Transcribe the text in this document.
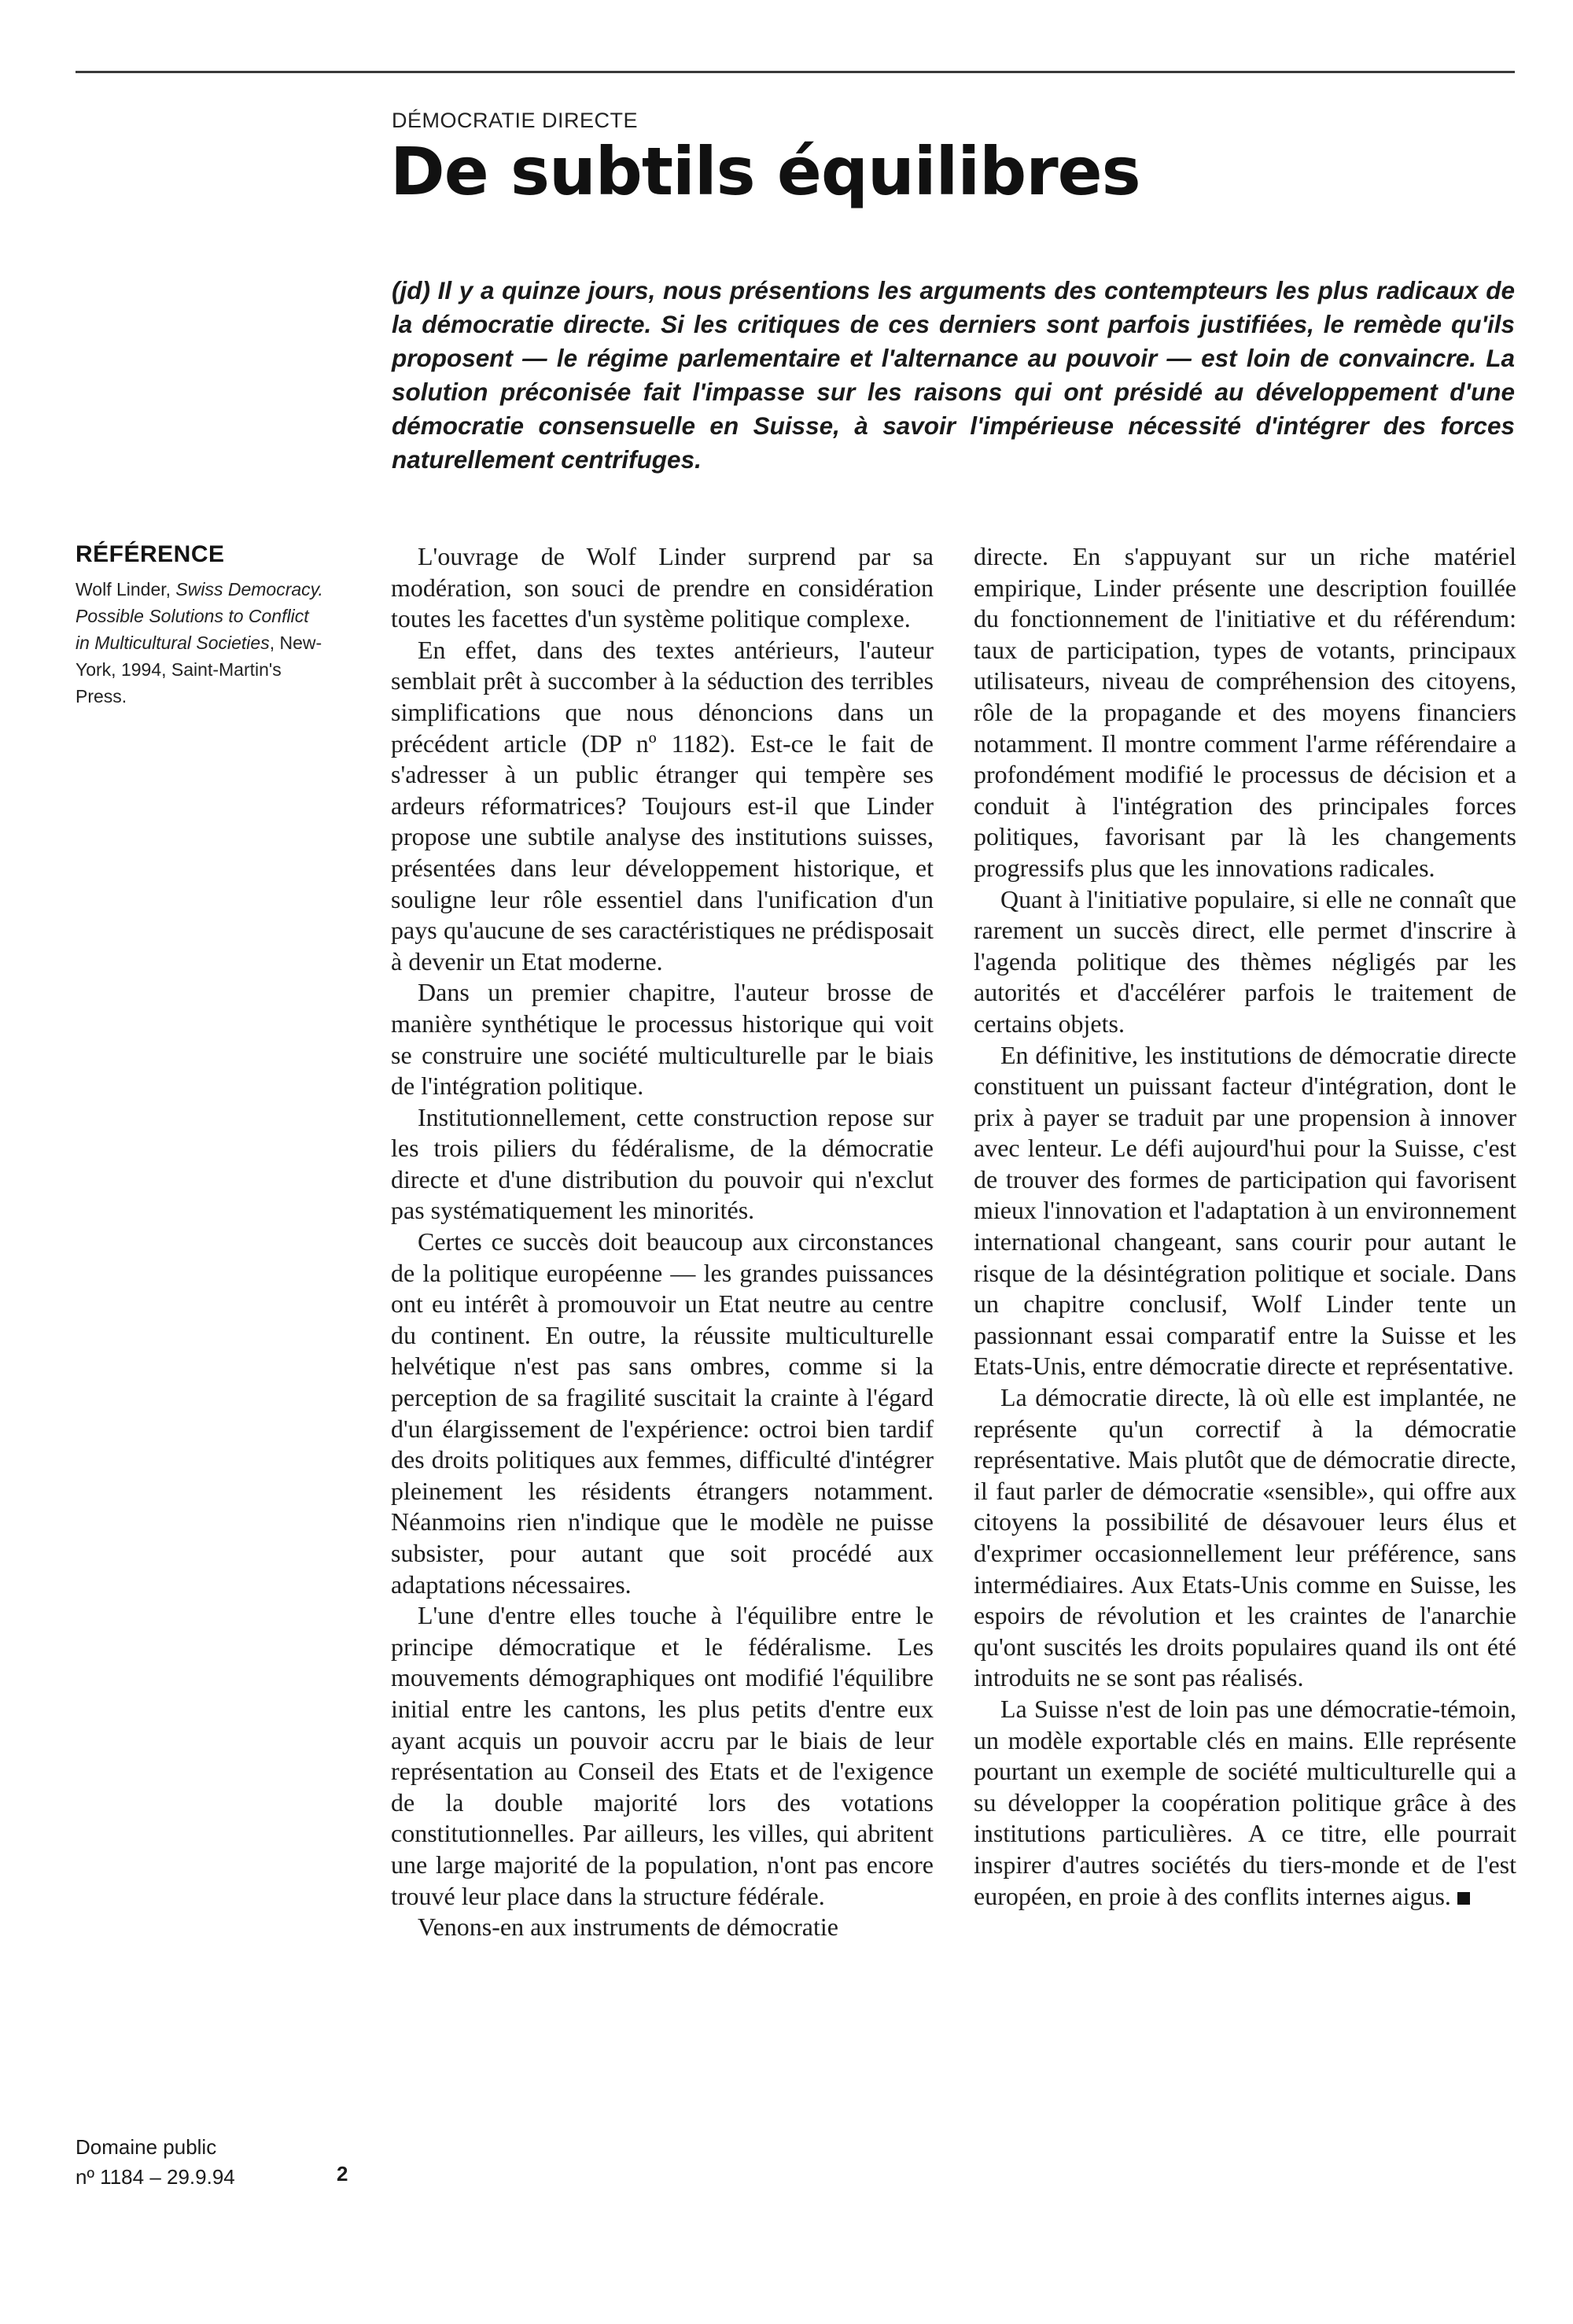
DÉMOCRATIE DIRECTE
De subtils équilibres
(jd) Il y a quinze jours, nous présentions les arguments des contempteurs les plus radicaux de la démocratie directe. Si les critiques de ces derniers sont parfois justifiées, le remède qu'ils proposent — le régime parlementaire et l'alternance au pouvoir — est loin de convaincre. La solution préconisée fait l'impasse sur les raisons qui ont présidé au développement d'une démocratie consensuelle en Suisse, à savoir l'impérieuse nécessité d'intégrer des forces naturellement centrifuges.
RÉFÉRENCE
Wolf Linder, Swiss Democracy. Possible Solutions to Conflict in Multicultural Societies, New-York, 1994, Saint-Martin's Press.

L'ouvrage de Wolf Linder surprend par sa modération, son souci de prendre en considération toutes les facettes d'un système politique complexe.

En effet, dans des textes antérieurs, l'auteur semblait prêt à succomber à la séduction des terribles simplifications que nous dénoncions dans un précédent article (DP nº 1182). Est-ce le fait de s'adresser à un public étranger qui tempère ses ardeurs réformatrices? Toujours est-il que Linder propose une subtile analyse des institutions suisses, présentées dans leur développement historique, et souligne leur rôle essentiel dans l'unification d'un pays qu'aucune de ses caractéristiques ne prédisposait à devenir un Etat moderne.

Dans un premier chapitre, l'auteur brosse de manière synthétique le processus historique qui voit se construire une société multiculturelle par le biais de l'intégration politique.

Institutionnellement, cette construction repose sur les trois piliers du fédéralisme, de la démocratie directe et d'une distribution du pouvoir qui n'exclut pas systématiquement les minorités.

Certes ce succès doit beaucoup aux circonstances de la politique européenne — les grandes puissances ont eu intérêt à promouvoir un Etat neutre au centre du continent. En outre, la réussite multiculturelle helvétique n'est pas sans ombres, comme si la perception de sa fragilité suscitait la crainte à l'égard d'un élargissement de l'expérience: octroi bien tardif des droits politiques aux femmes, difficulté d'intégrer pleinement les résidents étrangers notamment. Néanmoins rien n'indique que le modèle ne puisse subsister, pour autant que soit procédé aux adaptations nécessaires.

L'une d'entre elles touche à l'équilibre entre le principe démocratique et le fédéralisme. Les mouvements démographiques ont modifié l'équilibre initial entre les cantons, les plus petits d'entre eux ayant acquis un pouvoir accru par le biais de leur représentation au Conseil des Etats et de l'exigence de la double majorité lors des votations constitutionnelles. Par ailleurs, les villes, qui abritent une large majorité de la population, n'ont pas encore trouvé leur place dans la structure fédérale.

Venons-en aux instruments de démocratie

directe. En s'appuyant sur un riche matériel empirique, Linder présente une description fouillée du fonctionnement de l'initiative et du référendum: taux de participation, types de votants, principaux utilisateurs, niveau de compréhension des citoyens, rôle de la propagande et des moyens financiers notamment. Il montre comment l'arme référendaire a profondément modifié le processus de décision et a conduit à l'intégration des principales forces politiques, favorisant par là les changements progressifs plus que les innovations radicales.

Quant à l'initiative populaire, si elle ne connaît que rarement un succès direct, elle permet d'inscrire à l'agenda politique des thèmes négligés par les autorités et d'accélérer parfois le traitement de certains objets.

En définitive, les institutions de démocratie directe constituent un puissant facteur d'intégration, dont le prix à payer se traduit par une propension à innover avec lenteur. Le défi aujourd'hui pour la Suisse, c'est de trouver des formes de participation qui favorisent mieux l'innovation et l'adaptation à un environnement international changeant, sans courir pour autant le risque de la désintégration politique et sociale. Dans un chapitre conclusif, Wolf Linder tente un passionnant essai comparatif entre la Suisse et les Etats-Unis, entre démocratie directe et représentative.

La démocratie directe, là où elle est implantée, ne représente qu'un correctif à la démocratie représentative. Mais plutôt que de démocratie directe, il faut parler de démocratie «sensible», qui offre aux citoyens la possibilité de désavouer leurs élus et d'exprimer occasionnellement leur préférence, sans intermédiaires. Aux Etats-Unis comme en Suisse, les espoirs de révolution et les craintes de l'anarchie qu'ont suscités les droits populaires quand ils ont été introduits ne se sont pas réalisés.

La Suisse n'est de loin pas une démocratie-témoin, un modèle exportable clés en mains. Elle représente pourtant un exemple de société multiculturelle qui a su développer la coopération politique grâce à des institutions particulières. A ce titre, elle pourrait inspirer d'autres sociétés du tiers-monde et de l'est européen, en proie à des conflits internes aigus.

Domaine public
nº 1184 – 29.9.94	2
